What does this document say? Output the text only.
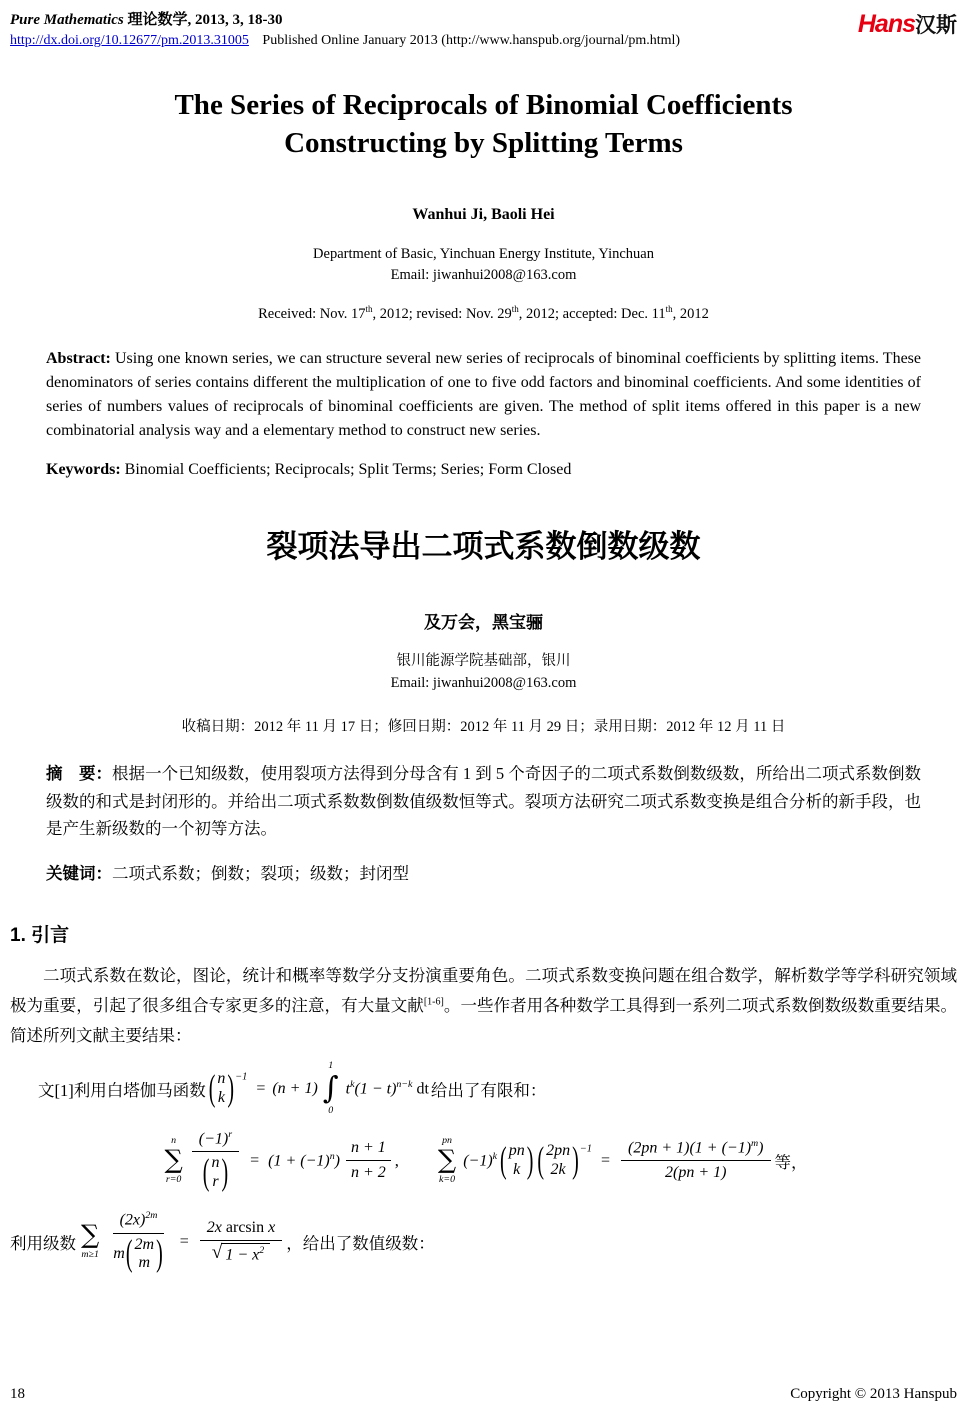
Pure Mathematics 理论数学, 2013, 3, 18-30
http://dx.doi.org/10.12677/pm.2013.31005 Published Online January 2013 (http://www.hanspub.org/journal/pm.html)
Hans汉斯
The Series of Reciprocals of Binomial Coefficients
Constructing by Splitting Terms
Wanhui Ji, Baoli Hei
Department of Basic, Yinchuan Energy Institute, Yinchuan
Email: jiwanhui2008@163.com
Received: Nov. 17th, 2012; revised: Nov. 29th, 2012; accepted: Dec. 11th, 2012
Abstract: Using one known series, we can structure several new series of reciprocals of binominal coefficients by splitting items. These denominators of series contains different the multiplication of one to five odd factors and binominal coefficients. And some identities of series of numbers values of reciprocals of binominal coefficients are given. The method of split items offered in this paper is a new combinatorial analysis way and a elementary method to construct new series.
Keywords: Binomial Coefficients; Reciprocals; Split Terms; Series; Form Closed
裂项法导出二项式系数倒数级数
及万会，黑宝骊
银川能源学院基础部，银川
Email: jiwanhui2008@163.com
收稿日期：2012 年 11 月 17 日；修回日期：2012 年 11 月 29 日；录用日期：2012 年 12 月 11 日
摘　要：根据一个已知级数，使用裂项方法得到分母含有 1 到 5 个奇因子的二项式系数倒数级数，所给出二项式系数倒数级数的和式是封闭形的。并给出二项式系数数倒数值级数恒等式。裂项方法研究二项式系数变换是组合分析的新手段，也是产生新级数的一个初等方法。
关键词：二项式系数；倒数；裂项；级数；封闭型
1. 引言
二项式系数在数论，图论，统计和概率等数学分支扮演重要角色。二项式系数变换问题在组合数学，解析数学等学科研究领域极为重要，引起了很多组合专家更多的注意，有大量文献[1-6]。一些作者用各种数学工具得到一系列二项式系数倒数级数重要结果。简述所列文献主要结果：
文[1]利用白塔伽马函数 ( n
k ) $^{-1}$
= (n + 1)
1
∫
0
$t^k(1 - t)^{n-k}$ dt 给出了有限和：
n
∑
r=0 $(-1)^r$
( n
r ) = $(1 + (-1)^n) \frac{n + 1}{n + 2}$ ,
pn
∑
k=0
$(-1)^k$ ( pn
k ) ( 2pn
2k ) $^{-1}$
= $\frac{(2pn + 1)(1 + (-1)^m)}{2(pn + 1)}$ 等，
利用级数 ∑
m≥1 $(2x)^{2m}$
m ( 2m
m ) = $\frac{\text{2x arcsin x}}{√ 1 - x^2}$ ，给出了数值级数：
18	Copyright © 2013 Hanspub
